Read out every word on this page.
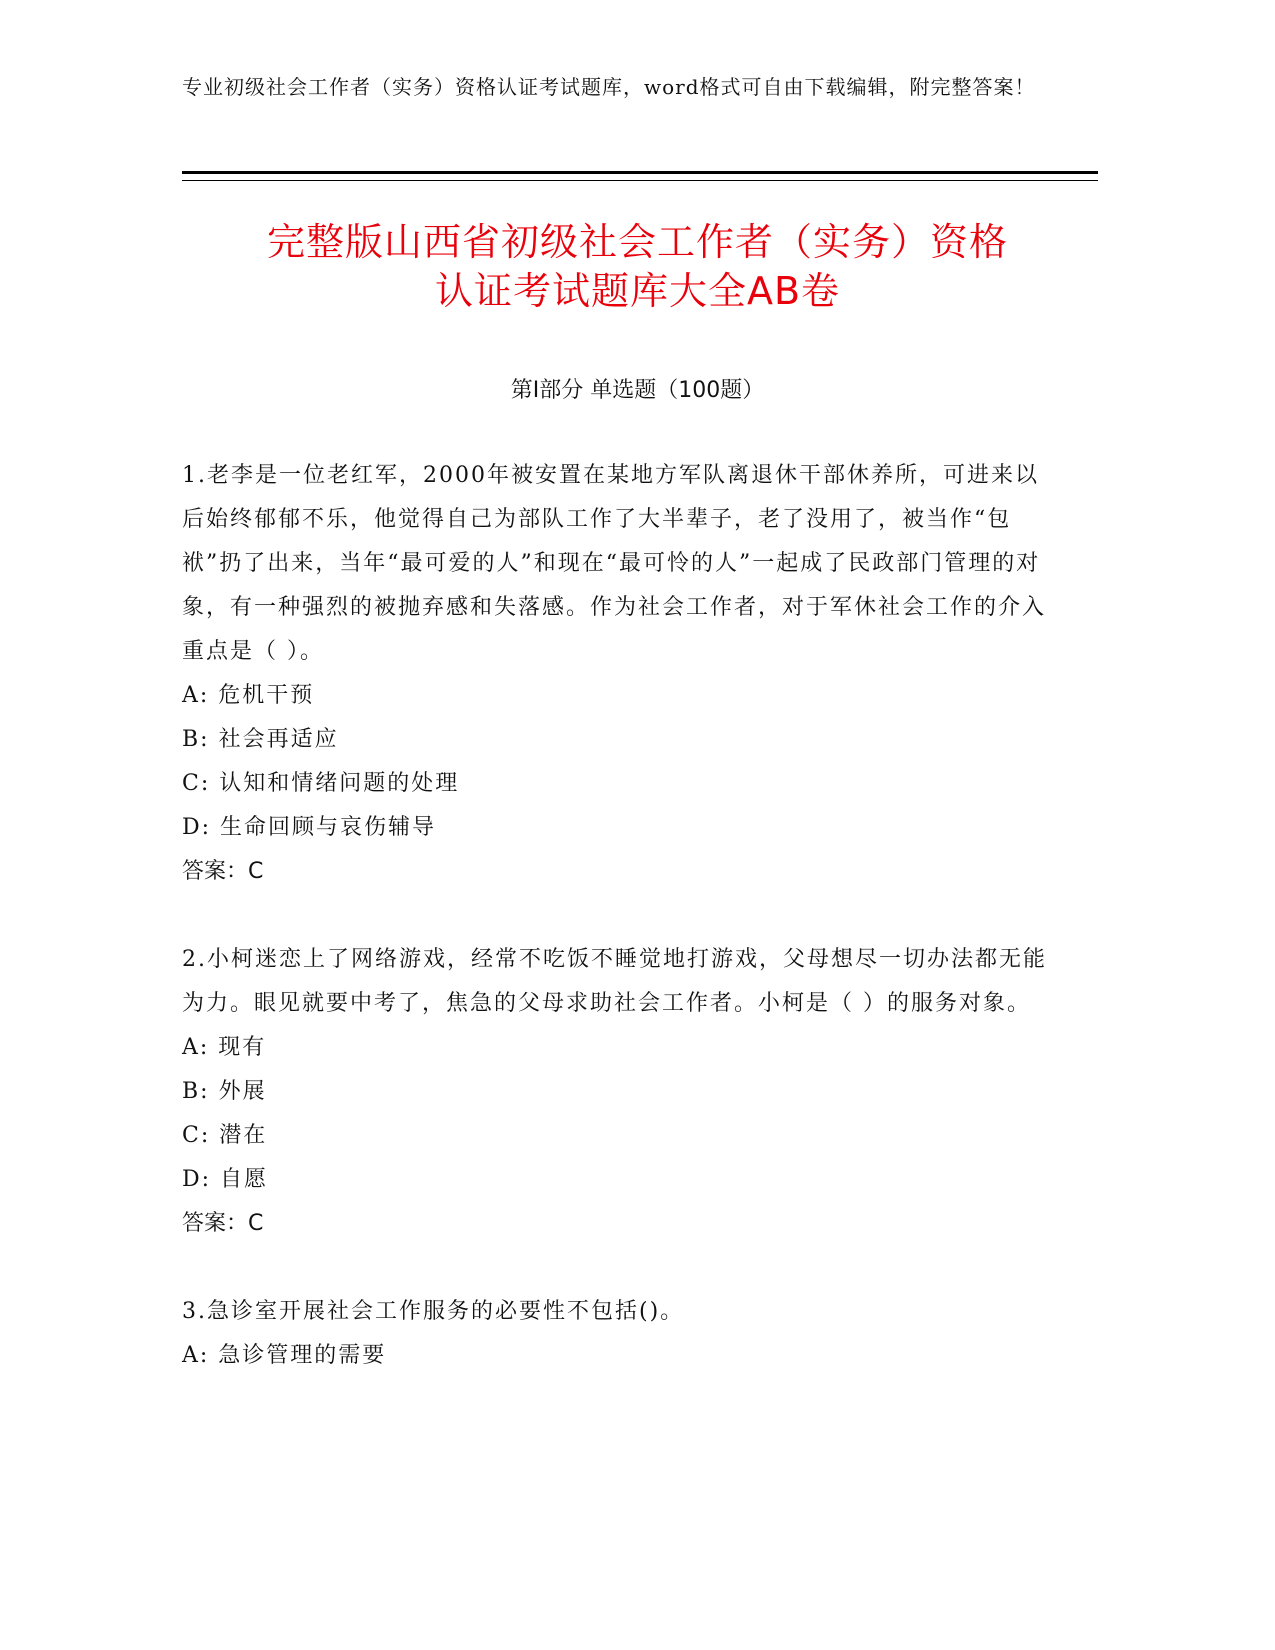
专业初级社会工作者（实务）资格认证考试题库，word格式可自由下载编辑，附完整答案！
完整版山西省初级社会工作者（实务）资格
认证考试题库大全AB卷
第I部分 单选题（100题）
1.老李是一位老红军，2000年被安置在某地方军队离退休干部休养所，可进来以后始终郁郁不乐，他觉得自己为部队工作了大半辈子，老了没用了，被当作“包袱”扔了出来，当年“最可爱的人”和现在“最可怜的人”一起成了民政部门管理的对象，有一种强烈的被抛弃感和失落感。作为社会工作者，对于军休社会工作的介入重点是（ ）。
A: 危机干预
B: 社会再适应
C: 认知和情绪问题的处理
D: 生命回顾与哀伤辅导
答案：C
2.小柯迷恋上了网络游戏，经常不吃饭不睡觉地打游戏，父母想尽一切办法都无能为力。眼见就要中考了，焦急的父母求助社会工作者。小柯是（ ）的服务对象。
A: 现有
B: 外展
C: 潜在
D: 自愿
答案：C
3.急诊室开展社会工作服务的必要性不包括()。
A: 急诊管理的需要
